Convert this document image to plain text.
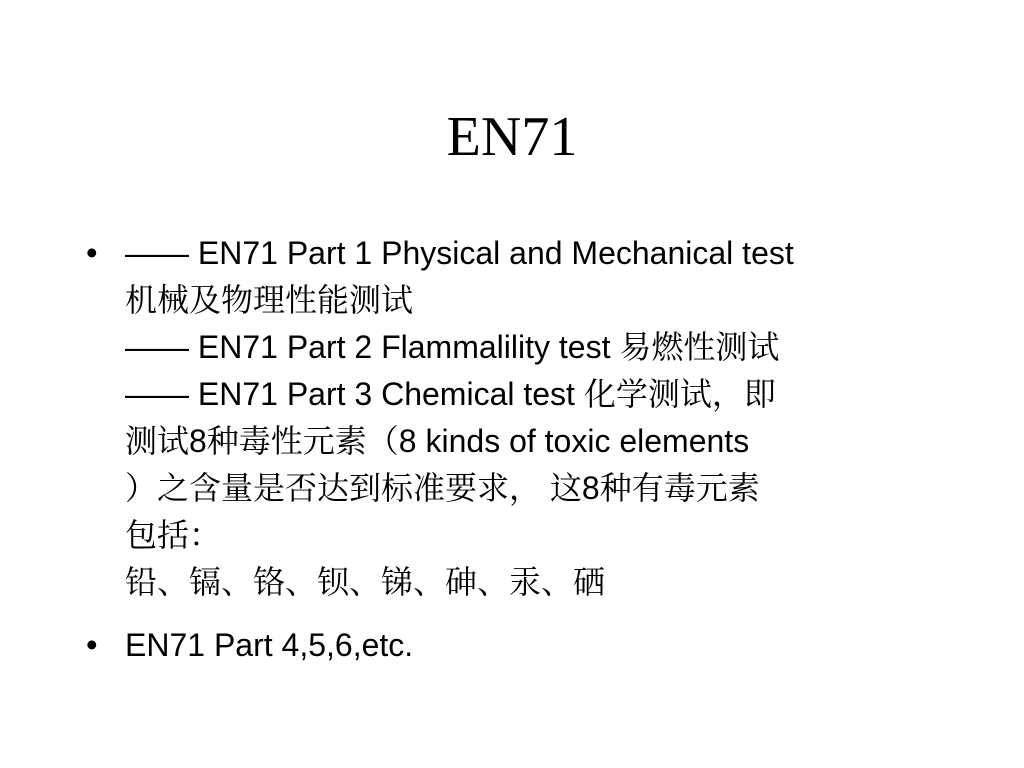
EN71
• —— EN71 Part 1 Physical and Mechanical test
机械及物理性能测试
—— EN71 Part 2 Flammalility test 易燃性测试
—— EN71 Part 3 Chemical test 化学测试，即
测试8种毒性元素（8 kinds of toxic elements
）之含量是否达到标准要求， 这8种有毒元素
包括：
铅、镉、铬、钡、锑、砷、汞、硒
• EN71 Part 4,5,6,etc.
